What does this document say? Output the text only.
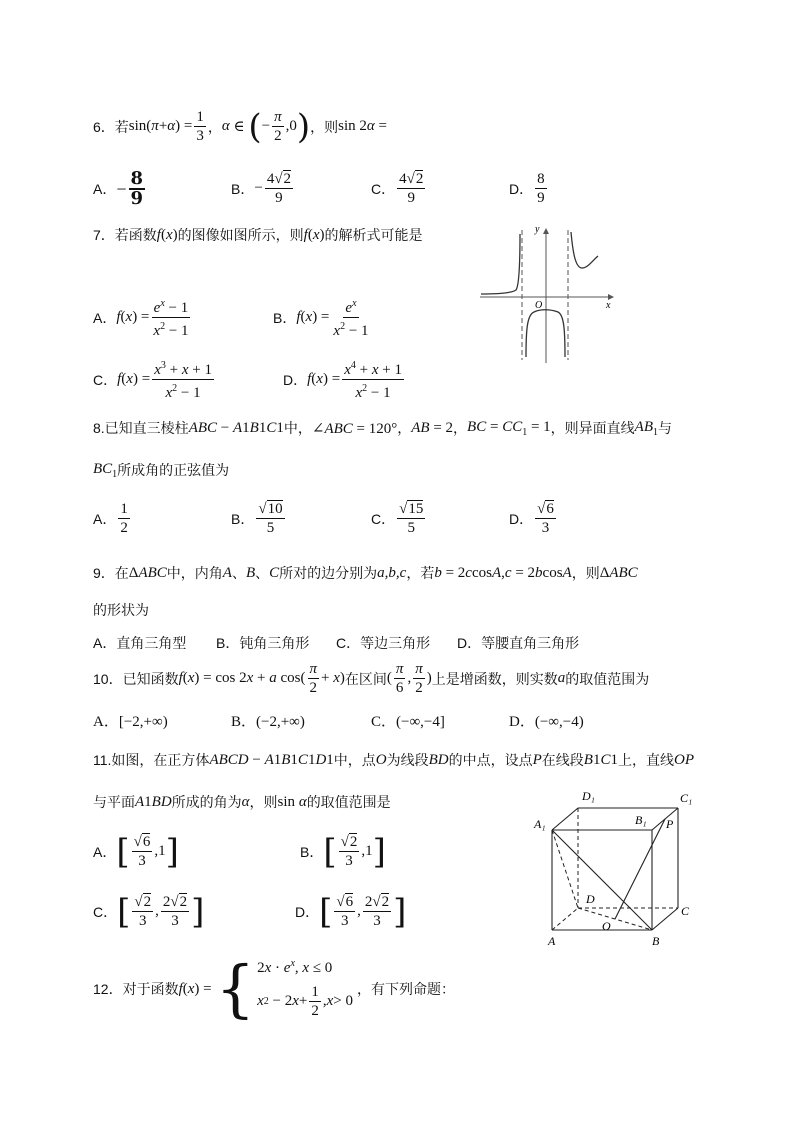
6．若 $\sin(\pi+\alpha) = \frac{1}{3}$ ， α ∈ ( − $\frac{\pi}{2} ,0$ ) ，则 sin 2α =
A． − $\frac{8}{9}$	B． − $\frac{4√2}{9}$	C． $\frac{4√2}{9}$	D． $\frac{8}{9}$
7．若函数 f (x) 的图像如图所示，则 f (x) 的解析式可能是
A． $f(x) = \frac{e^x - 1}{x^2 - 1}$	B． $f(x) = \frac{e^x}{x^2 - 1}$
C． $f(x) = \frac{x^3 + x + 1}{x^2 - 1}$	D． $f(x) = \frac{x^4 + x + 1}{x^2 - 1}$
y
x
O
8.已知直三棱柱 ABC − A 1 B 1 C 1 中， ∠ABC = 120° ， AB = 2 ， BC = $CC_1 = 1$ ，则异面直线 $AB_1$ 与
$BC_1$ 所成角的正弦值为
A． $\frac{1}{2}$	B． $\frac{√10}{5}$	C． $\frac{√15}{5}$	D． $\frac{√6}{3}$
9．在 ΔABC 中，内角 A 、 B 、 C 所对的边分别为 a,b,c ，若 b = 2ccosA,c = 2bcosA ，则 ΔABC
的形状为
A．直角三角型 B．钝角三角形 C．等边三角形 D．等腰直角三角形
10．已知函数 f(x) = cos 2x + a $\cos( \frac{\pi}{2} + x)$ 在区间 ( $\frac{\pi}{6}$ , $\frac{\pi}{2}$ ) 上是增函数，则实数 a 的取值范围为
A．[−2,+∞)	B．(−2,+∞)	C．(−∞,−4]	D．(−∞,−4)
11.如图，在正方体 ABCD − A 1 B 1 C 1 D 1 中，点 O 为线段 BD 的中点，设点 P 在线段 B 1 C 1 上，直线 OP
与平面 A 1 BD 所成的角为 α ，则 sin α 的取值范围是
A． [ $\frac{√6}{3} ,1$ ]	B． [ $\frac{√2}{3} ,1$ ]
C． [ $\frac{√2}{3}$ , $\frac{2√2}{3}$ ]	D． [ $\frac{√6}{3}$ , $\frac{2√2}{3}$ ]
D₁	C₁
A₁	B₁ P
D
C
O
A	B
12．对于函数 f(x) = { $2x \cdot e^x$, x ≤ 0
x 2 − 2 $x + \frac{1}{2}$ , x > 0
，有下列命题：
